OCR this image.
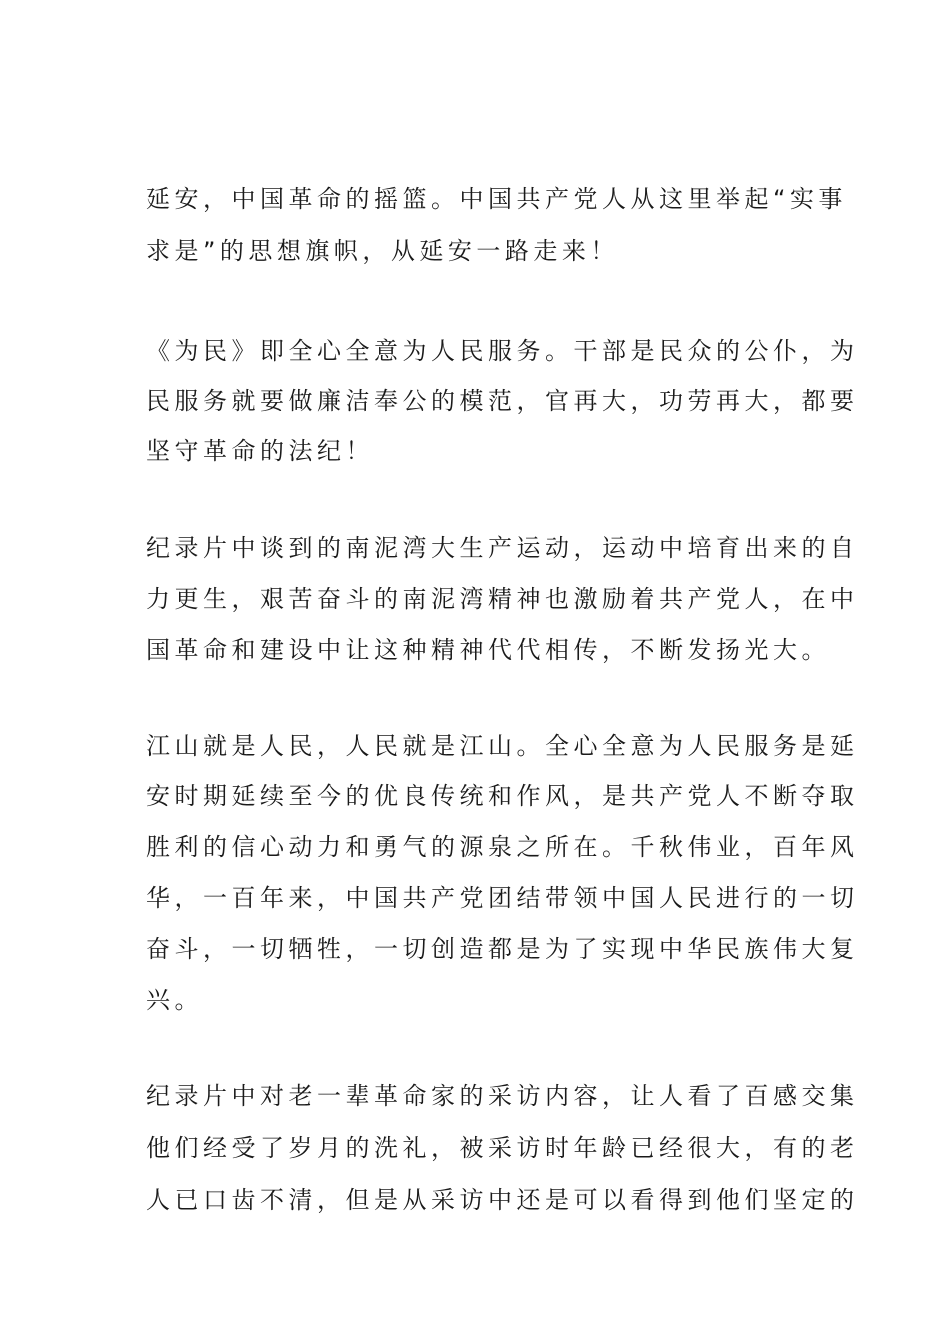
延安，中国革命的摇篮。中国共产党人从这里举起“实事
求是”的思想旗帜，从延安一路走来！
《为民》即全心全意为人民服务。干部是民众的公仆，为
民服务就要做廉洁奉公的模范，官再大，功劳再大，都要
坚守革命的法纪！
纪录片中谈到的南泥湾大生产运动，运动中培育出来的自
力更生，艰苦奋斗的南泥湾精神也激励着共产党人，在中
国革命和建设中让这种精神代代相传，不断发扬光大。
江山就是人民，人民就是江山。全心全意为人民服务是延
安时期延续至今的优良传统和作风，是共产党人不断夺取
胜利的信心动力和勇气的源泉之所在。千秋伟业，百年风
华，一百年来，中国共产党团结带领中国人民进行的一切
奋斗，一切牺牲，一切创造都是为了实现中华民族伟大复
兴。
纪录片中对老一辈革命家的采访内容，让人看了百感交集
他们经受了岁月的洗礼，被采访时年龄已经很大，有的老
人已口齿不清，但是从采访中还是可以看得到他们坚定的
